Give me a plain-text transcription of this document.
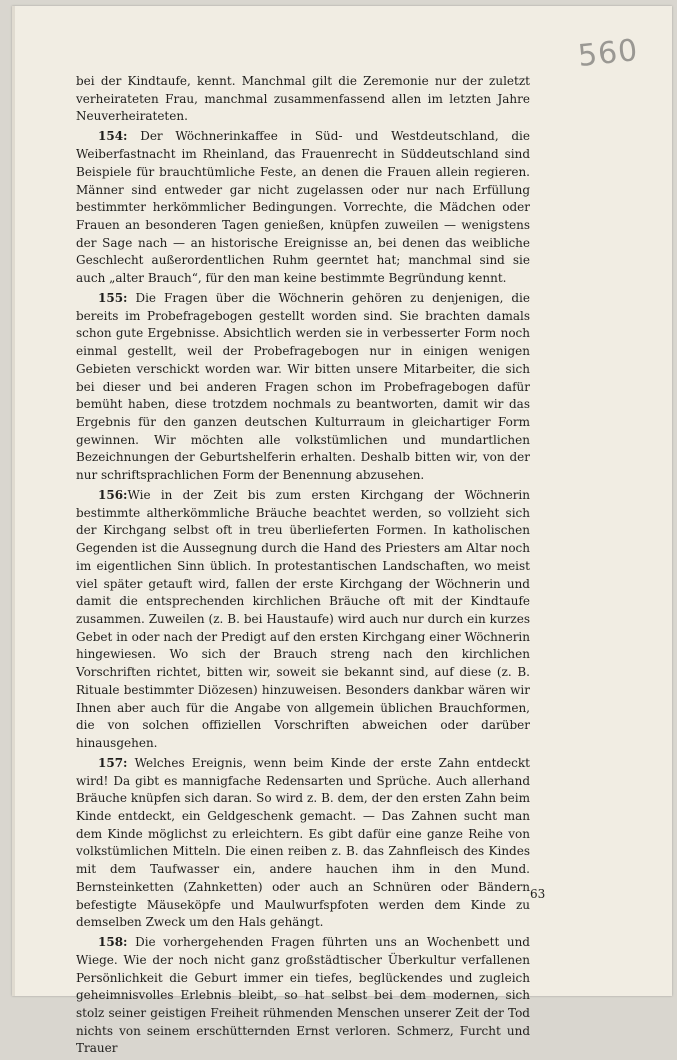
560

bei der Kindtaufe, kennt. Manchmal gilt die Zeremonie nur der zuletzt verheirateten Frau, manchmal zusammenfassend allen im letzten Jahre Neuverheirateten.

154: Der Wöchnerinkaffee in Süd- und Westdeutschland, die Weiberfastnacht im Rheinland, das Frauenrecht in Süddeutschland sind Beispiele für brauchtümliche Feste, an denen die Frauen allein regieren. Männer sind entweder gar nicht zugelassen oder nur nach Erfüllung bestimmter herkömmlicher Bedingungen. Vorrechte, die Mädchen oder Frauen an besonderen Tagen genießen, knüpfen zuweilen — wenigstens der Sage nach — an historische Ereignisse an, bei denen das weibliche Geschlecht außerordentlichen Ruhm geerntet hat; manchmal sind sie auch „alter Brauch“, für den man keine bestimmte Begründung kennt.

155: Die Fragen über die Wöchnerin gehören zu denjenigen, die bereits im Probefragebogen gestellt worden sind. Sie brachten damals schon gute Ergebnisse. Absichtlich werden sie in verbesserter Form noch einmal gestellt, weil der Probefragebogen nur in einigen wenigen Gebieten verschickt worden war. Wir bitten unsere Mitarbeiter, die sich bei dieser und bei anderen Fragen schon im Probefragebogen dafür bemüht haben, diese trotzdem nochmals zu beantworten, damit wir das Ergebnis für den ganzen deutschen Kulturraum in gleichartiger Form gewinnen. Wir möchten alle volkstümlichen und mundartlichen Bezeichnungen der Geburtshelferin erhalten. Deshalb bitten wir, von der nur schriftsprachlichen Form der Benennung abzusehen.

156:Wie in der Zeit bis zum ersten Kirchgang der Wöchnerin bestimmte altherkömmliche Bräuche beachtet werden, so vollzieht sich der Kirchgang selbst oft in treu überlieferten Formen. In katholischen Gegenden ist die Aussegnung durch die Hand des Priesters am Altar noch im eigentlichen Sinn üblich. In protestantischen Landschaften, wo meist viel später getauft wird, fallen der erste Kirchgang der Wöchnerin und damit die entsprechenden kirchlichen Bräuche oft mit der Kindtaufe zusammen. Zuweilen (z. B. bei Haustaufe) wird auch nur durch ein kurzes Gebet in oder nach der Predigt auf den ersten Kirchgang einer Wöchnerin hingewiesen. Wo sich der Brauch streng nach den kirchlichen Vorschriften richtet, bitten wir, soweit sie bekannt sind, auf diese (z. B. Rituale bestimmter Diözesen) hinzuweisen. Besonders dankbar wären wir Ihnen aber auch für die Angabe von allgemein üblichen Brauchformen, die von solchen offiziellen Vorschriften abweichen oder darüber hinausgehen.

157: Welches Ereignis, wenn beim Kinde der erste Zahn entdeckt wird! Da gibt es mannigfache Redensarten und Sprüche. Auch allerhand Bräuche knüpfen sich daran. So wird z. B. dem, der den ersten Zahn beim Kinde entdeckt, ein Geldgeschenk gemacht. — Das Zahnen sucht man dem Kinde möglichst zu erleichtern. Es gibt dafür eine ganze Reihe von volkstümlichen Mitteln. Die einen reiben z. B. das Zahnfleisch des Kindes mit dem Taufwasser ein, andere hauchen ihm in den Mund. Bernsteinketten (Zahnketten) oder auch an Schnüren oder Bändern befestigte Mäuseköpfe und Maulwurfspfoten werden dem Kinde zu demselben Zweck um den Hals gehängt.

158: Die vorhergehenden Fragen führten uns an Wochenbett und Wiege. Wie der noch nicht ganz großstädtischer Überkultur verfallenen Persönlichkeit die Geburt immer ein tiefes, beglückendes und zugleich geheimnisvolles Erlebnis bleibt, so hat selbst bei dem modernen, sich stolz seiner geistigen Freiheit rühmenden Menschen unserer Zeit der Tod nichts von seinem erschütternden Ernst verloren. Schmerz, Furcht und Trauer

63
